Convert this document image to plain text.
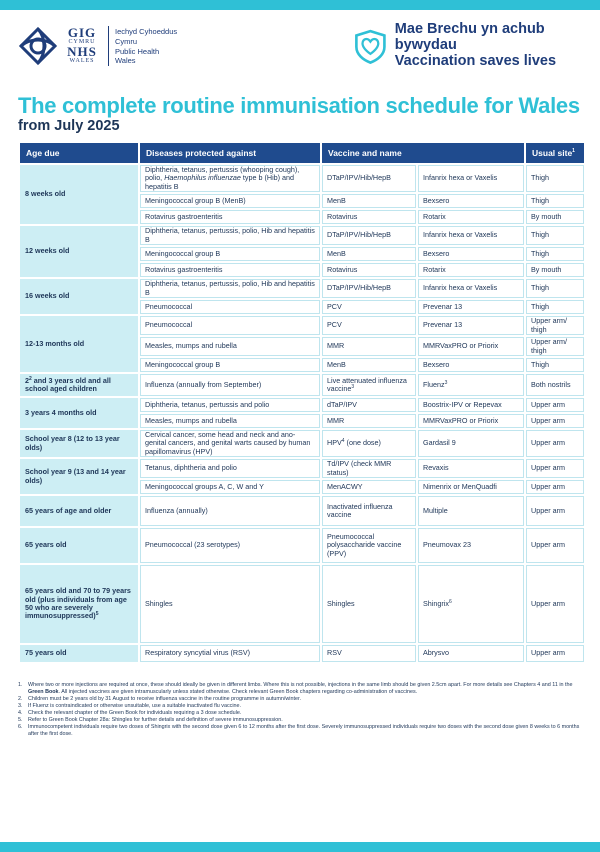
GIG
CYMRU
NHS
WALES
Iechyd Cyhoeddus
Cymru
Public Health
Wales
Mae Brechu yn achub bywydau
Vaccination saves lives
The complete routine immunisation schedule for Wales
from July 2025
Age due	Diseases protected against	Vaccine and name		Usual site$^1$
8 weeks old	Diphtheria, tetanus, pertussis (whooping cough), polio, Haemophilus influenzae type b (Hib) and hepatitis B	DTaP/IPV/Hib/HepB	Infanrix hexa or Vaxelis	Thigh
	Meningococcal group B (MenB)	MenB	Bexsero	Thigh
	Rotavirus gastroenteritis	Rotavirus	Rotarix	By mouth
12 weeks old	Diphtheria, tetanus, pertussis, polio, Hib and hepatitis B	DTaP/IPV/Hib/HepB	Infanrix hexa or Vaxelis	Thigh
	Meningococcal group B	MenB	Bexsero	Thigh
	Rotavirus gastroenteritis	Rotavirus	Rotarix	By mouth
16 weeks old	Diphtheria, tetanus, pertussis, polio, Hib and hepatitis B	DTaP/IPV/Hib/HepB	Infanrix hexa or Vaxelis	Thigh
	Pneumococcal	PCV	Prevenar 13	Thigh
12-13 months old	Pneumococcal	PCV	Prevenar 13	Upper arm/ thigh
	Measles, mumps and rubella	MMR	MMRVaxPRO or Priorix	Upper arm/ thigh
	Meningococcal group B	MenB	Bexsero	Thigh
$2^2$ and 3 years old and all school aged children	Influenza (annually from September)	Live attenuated influenza vaccine$^3$	Fluenz$^3$	Both nostrils
3 years 4 months old	Diphtheria, tetanus, pertussis and polio	dTaP/IPV	Boostrix-IPV or Repevax	Upper arm
	Measles, mumps and rubella	MMR	MMRVaxPRO or Priorix	Upper arm
School year 8 (12 to 13 year olds)	Cervical cancer, some head and neck and ano-genital cancers, and genital warts caused by human papillomavirus (HPV)	HPV$^4$ (one dose)	Gardasil 9	Upper arm
School year 9 (13 and 14 year olds)	Tetanus, diphtheria and polio	Td/IPV (check MMR status)	Revaxis	Upper arm
	Meningococcal groups A, C, W and Y	MenACWY	Nimenrix or MenQuadfi	Upper arm
65 years of age and older	Influenza (annually)	Inactivated influenza vaccine	Multiple	Upper arm
65 years old	Pneumococcal (23 serotypes)	Pneumococcal polysaccharide vaccine (PPV)	Pneumovax 23	Upper arm
65 years old and 70 to 79 years old (plus individuals from age 50 who are severely immunosuppressed)$^5$	Shingles	Shingles	Shingrix$^6$	Upper arm
75 years old	Respiratory syncytial virus (RSV)	RSV	Abrysvo	Upper arm
1.	Where two or more injections are required at once, these should ideally be given in different limbs. Where this is not possible, injections in the same limb should be given 2.5cm apart. For more details see Chapters 4 and 11 in the Green Book. All injected vaccines are given intramuscularly unless stated otherwise. Check relevant Green Book chapters regarding co-administration of vaccines.
2.	Children must be 2 years old by 31 August to receive influenza vaccine in the routine programme in autumn/winter.
3.	If Fluenz is contraindicated or otherwise unsuitable, use a suitable inactivated flu vaccine.
4.	Check the relevant chapter of the Green Book for individuals requiring a 3 dose schedule.
5.	Refer to Green Book Chapter 28a: Shingles for further details and definition of severe immunosuppression.
6.	Immunocompetent individuals require two doses of Shingrix with the second dose given 6 to 12 months after the first dose. Severely immunosuppressed individuals require two doses with the second dose given 8 weeks to 6 months after the first dose.
